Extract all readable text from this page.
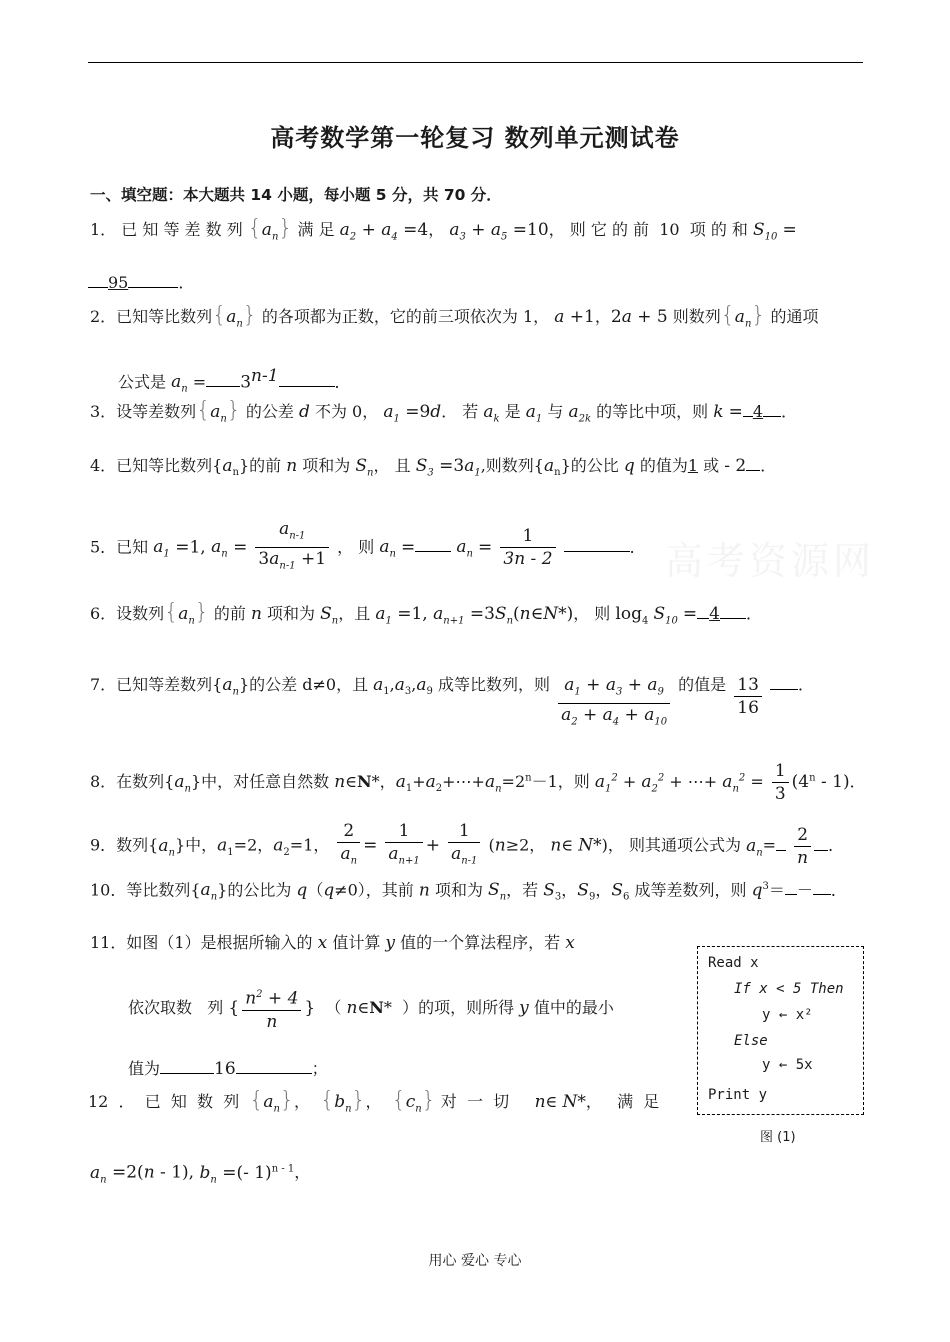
高考数学第一轮复习 数列单元测试卷
一、填空题：本大题共 14 小题，每小题 5 分，共 70 分．
高考资源网
1． 已 知 等 差 数 列 $\{a_n\}$ 满 足 $a_2 + a_4 =4$， $a_3 + a_5 =10$， 则 它 的 前  10  项 的 和 $S_{10}$ =
95	．
2．已知等比数列$\{a_n\}$ 的各项都为正数，它的前三项依次为 1， a +1，2a + 5 则数列$\{a_n\}$ 的通项
公式是 $a_n = 3^{n-1}$	．
3．设等差数列$\{a_n\}$ 的公差 d 不为 0， $a_1 =9d$． 若 $a_k$ 是 $a_1$ 与 $a_{2k}$ 的等比中项，则 k = 4 ．
4．已知等比数列$\{a_n\}$的前 n 项和为 $S_n$， 且 $S_3 =3a_1$,则数列$\{a_n\}$的公比 q 的值为1 或 - 2 ．
5．已知 $a_1 =1$, $a_n = \frac{a_{n-1}}{3a_{n-1} +1}$ ， 则 $a_n = a_n = \frac{1}{3n - 2}$	．
6．设数列$\{a_n\}$ 的前 n 项和为 $S_n$，且 $a_1 =1$, $a_{n+1}$ $=3S_n(n\in N*)$， 则 $\log_4 S_{10} = 4$ ．
7．已知等差数列$\{a_n\}$的公差 d≠0，且 $a_1,a_3,a_9$ 成等比数列，则 $\frac{a_1 + a_3 + a_9}{a_2 + a_4 + a_{10}}$ 的值是 $\frac{13}{16}$ ．
8．在数列$\{a_n\}$中，对任意自然数 n∈N*，$a_1+a_2+\cdots+a_n=2^n-1$，则 $a_1^2 + a_2^2$ + ⋯+ $a_n^2 = \frac{1}{3} (4^n - 1)$．
9．数列$\{a_n\}$中，$a_1=2$，$a_2=1$， $\frac{2}{a_n} = \frac{1}{a_{n+1}} + \frac{1}{a_{n-1}} (n\ge 2$， n∈ N*)， 则其通项公式为 $a_n= \frac{2}{n}$ ．
10．等比数列$\{a_n\}$的公比为 q（q≠0），其前 n 项和为 $S_n$，若 $S_3$，$S_9$，$S_6$ 成等差数列，则 $q^3=$ － ．
11．如图（1）是根据所输入的 x 值计算 y 值的一个算法程序，若 x
依次取数   列 { $\frac{n^2 + 4}{n}$ }  （ n∈N*  ）的项，则所得 y 值中的最小
值为	16	；
Read x
If x < 5 Then
y ← x²
Else
y ← 5x
Print y
图 (1)
12  ．  已  知  数  列  $\{a_n\}$，  $\{b_n\}$，  $\{c_n\}$ 对  一  切     n∈ N*，   满  足
$a_n =2(n - 1)$, $b_n$ =(- 1)$^{n - 1}$，
用心 爱心 专心
